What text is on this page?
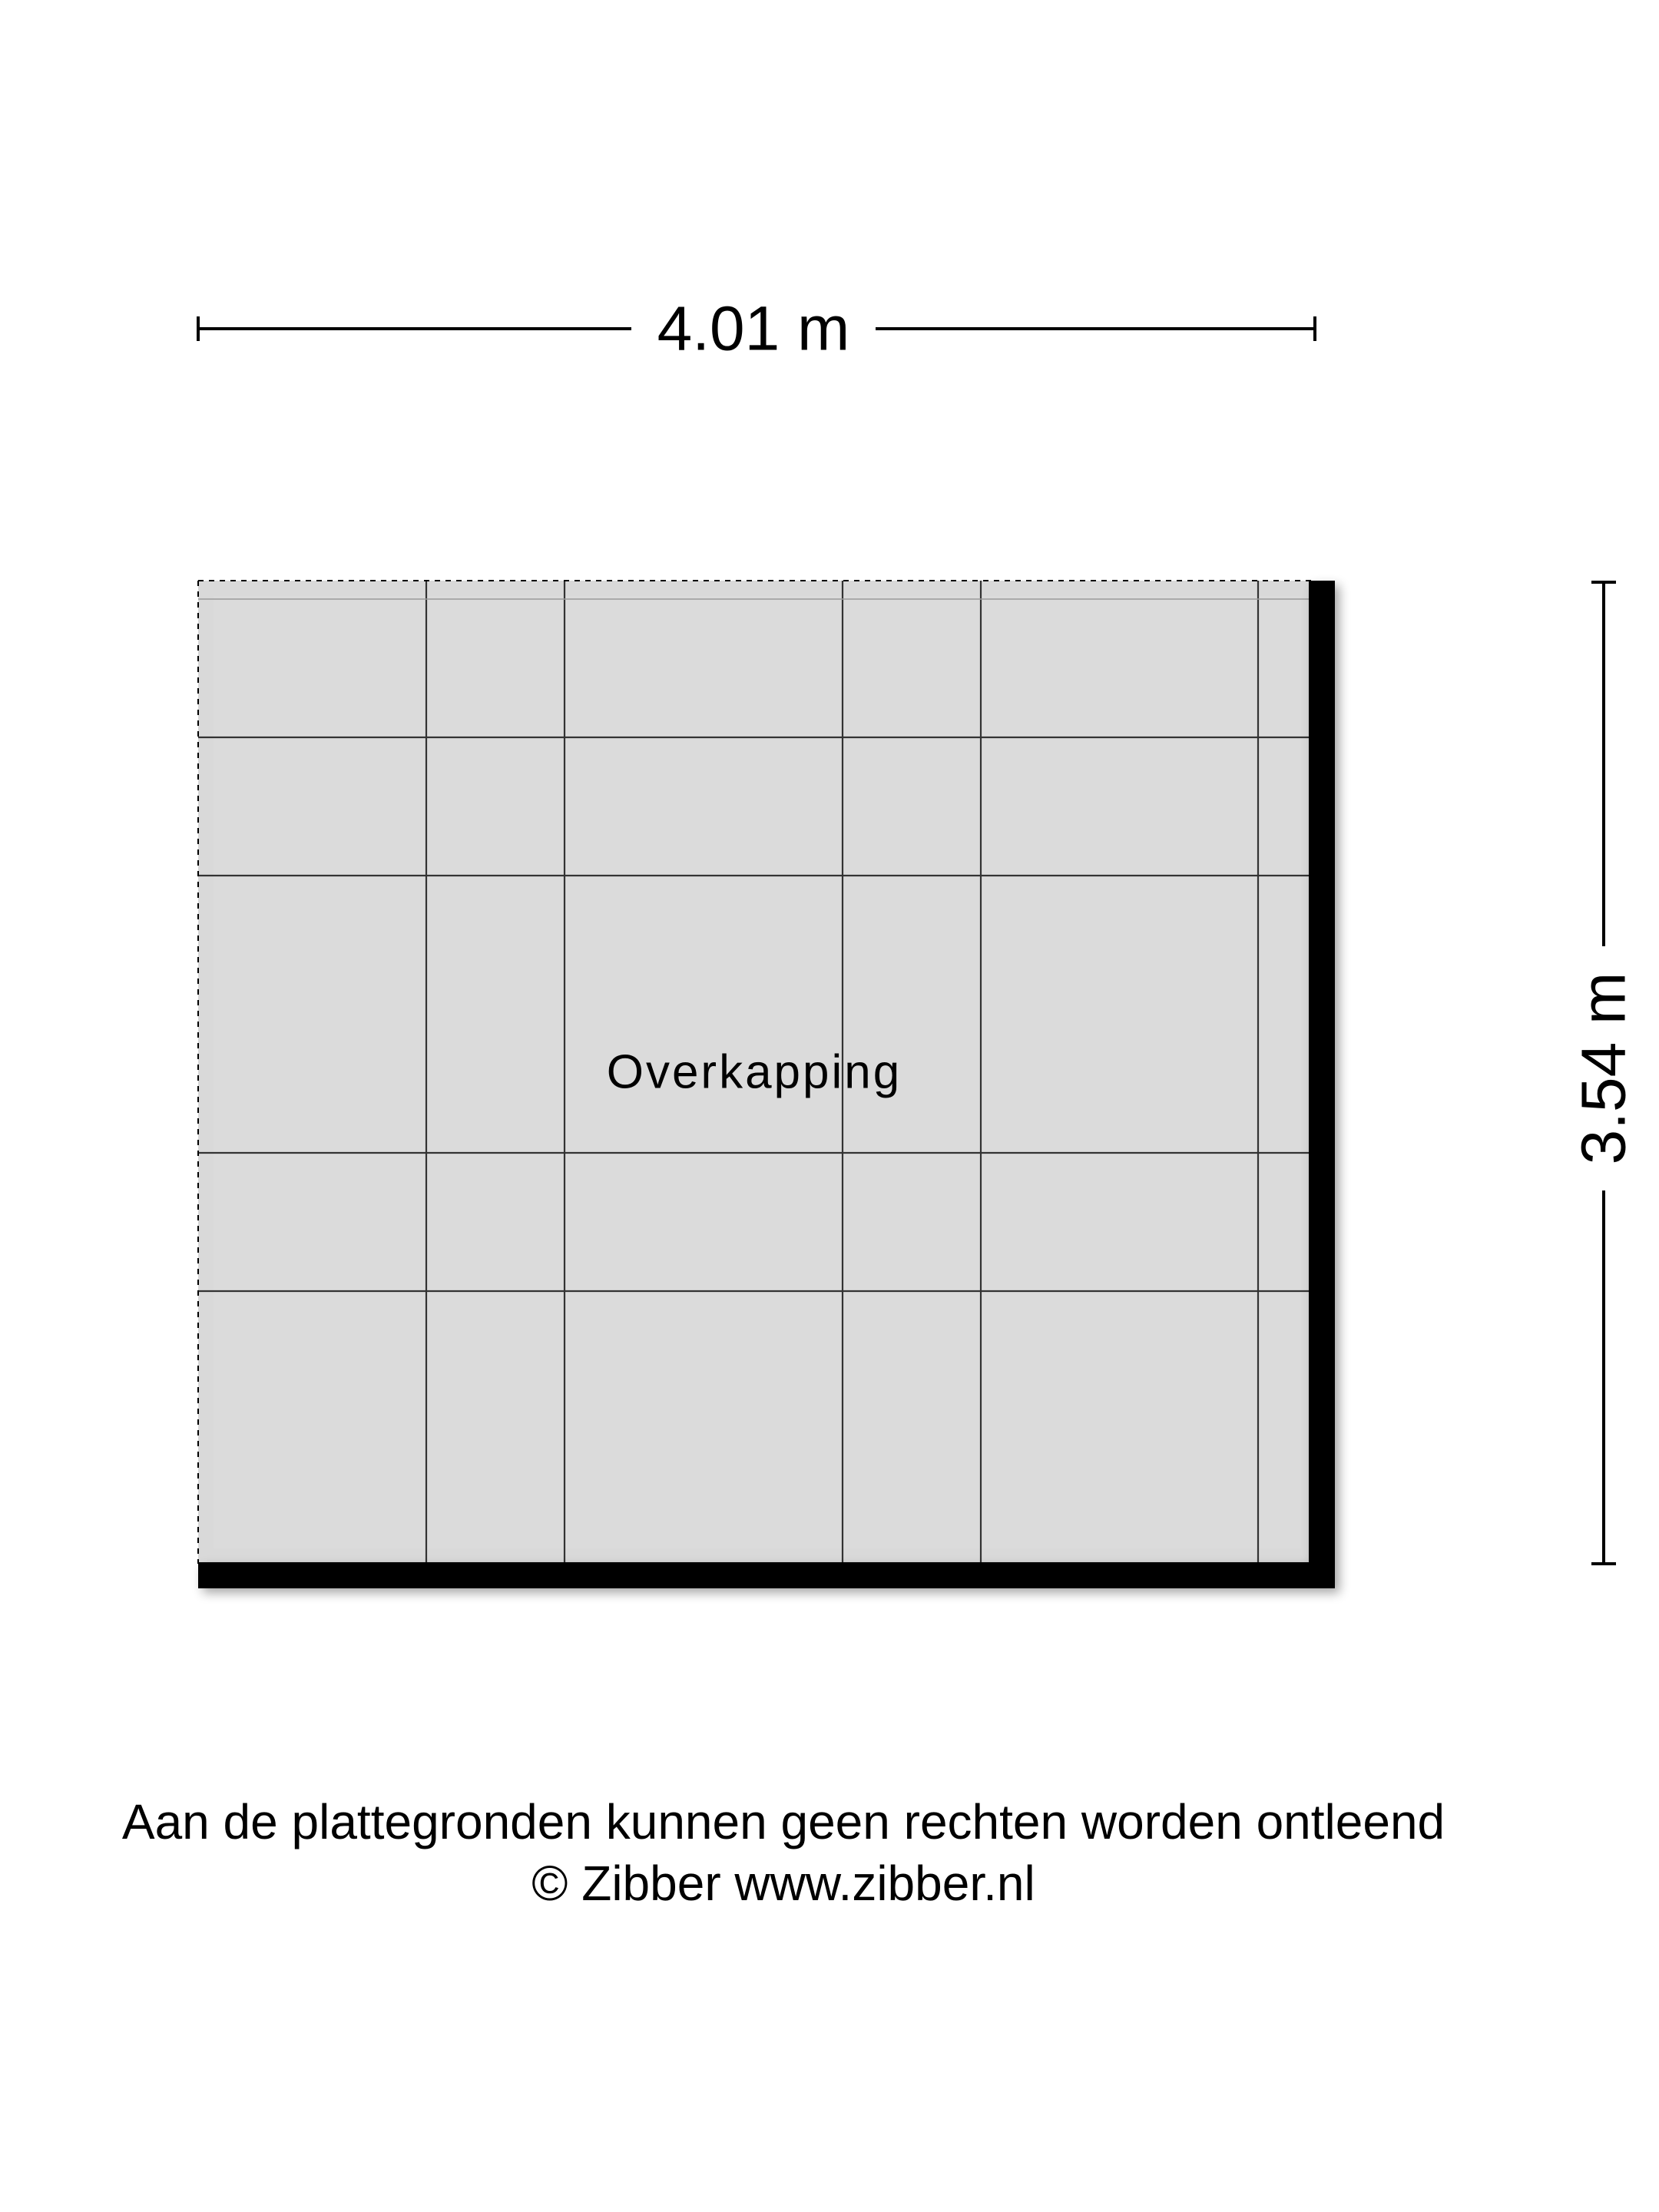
4.01 m
3.54 m
Overkapping
Aan de plattegronden kunnen geen rechten worden ontleend
© Zibber www.zibber.nl
